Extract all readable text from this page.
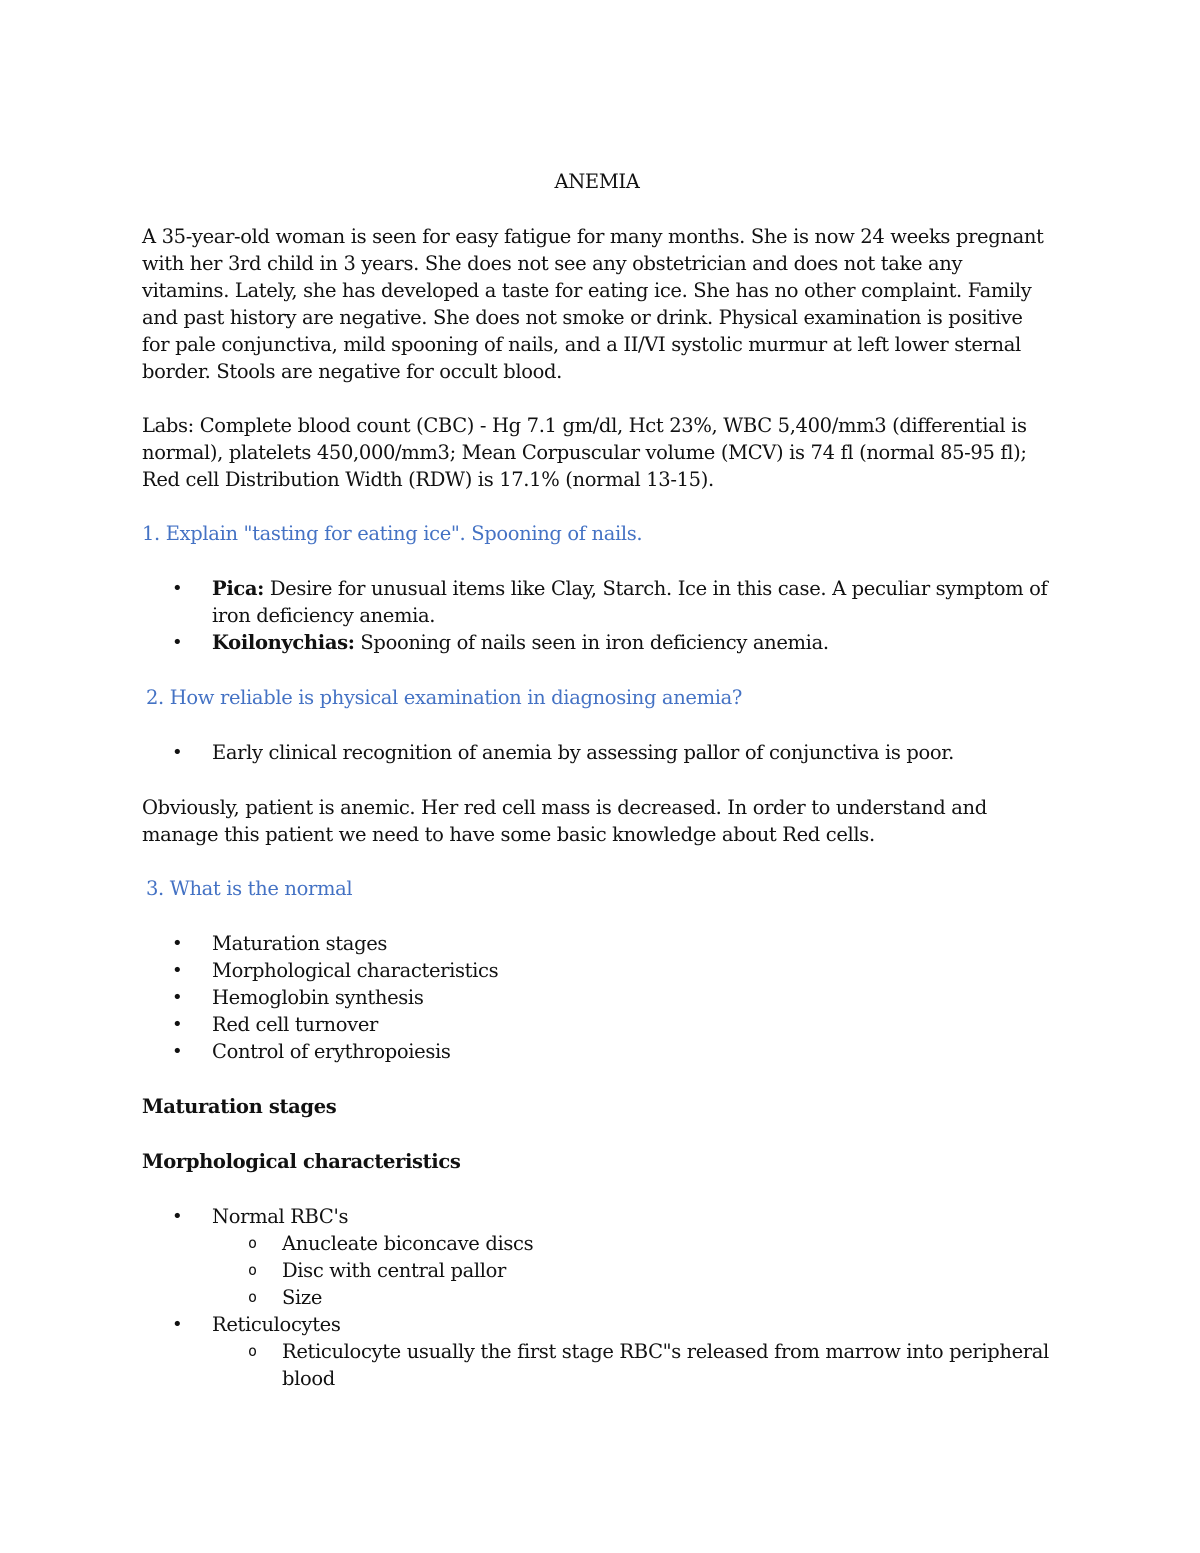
ANEMIA

A 35-year-old woman is seen for easy fatigue for many months. She is now 24 weeks pregnant with her 3rd child in 3 years. She does not see any obstetrician and does not take any vitamins. Lately, she has developed a taste for eating ice. She has no other complaint. Family and past history are negative. She does not smoke or drink. Physical examination is positive for pale conjunctiva, mild spooning of nails, and a II/VI systolic murmur at left lower sternal border. Stools are negative for occult blood.

Labs: Complete blood count (CBC) - Hg 7.1 gm/dl, Hct 23%, WBC 5,400/mm3 (differential is normal), platelets 450,000/mm3; Mean Corpuscular volume (MCV) is 74 fl (normal 85-95 fl); Red cell Distribution Width (RDW) is 17.1% (normal 13-15).

1. Explain "tasting for eating ice". Spooning of nails.
• Pica: Desire for unusual items like Clay, Starch. Ice in this case. A peculiar symptom of iron deficiency anemia.
• Koilonychias: Spooning of nails seen in iron deficiency anemia.
2. How reliable is physical examination in diagnosing anemia?
• Early clinical recognition of anemia by assessing pallor of conjunctiva is poor.

Obviously, patient is anemic. Her red cell mass is decreased. In order to understand and manage this patient we need to have some basic knowledge about Red cells.

3. What is the normal
• Maturation stages
• Morphological characteristics
• Hemoglobin synthesis
• Red cell turnover
• Control of erythropoiesis
Maturation stages
Morphological characteristics
• Normal RBC's
o Anucleate biconcave discs
o Disc with central pallor
o Size
• Reticulocytes
o Reticulocyte usually the first stage RBC"s released from marrow into peripheral blood
